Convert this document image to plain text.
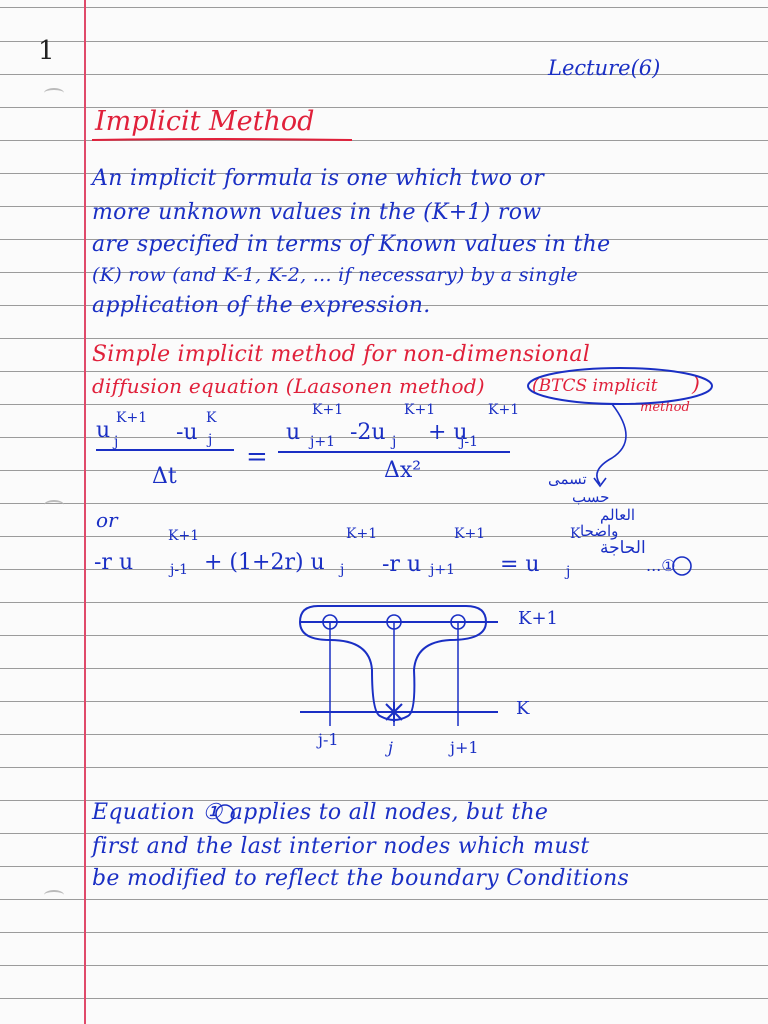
1
Lecture(6)
Implicit Method
An implicit formula is one which two or
more unknown values in the (K+1) row
are specified in terms of Known values in the
(K) row (and K-1, K-2, ... if necessary) by a single
application of the expression.
Simple implicit method for non-dimensional
diffusion equation (Laasonen method)	(BTCS implicit )
method
u K+1
j	-u
K
j
Δt
=
u j+1
K+1
-2u j
K+1
+ u
j-1
K+1
Δx²
or
-r u	j-1
K+1
+ (1+2r) u j
K+1
-r u j+1
K+1
= u j
K
...①
تسمى
حسب
العالم
واضحا
الحاجة
K+1
K
j-1	j	j+1
Equation ① applies to all nodes, but the
first and the last interior nodes which must
be modified to reflect the boundary Conditions
